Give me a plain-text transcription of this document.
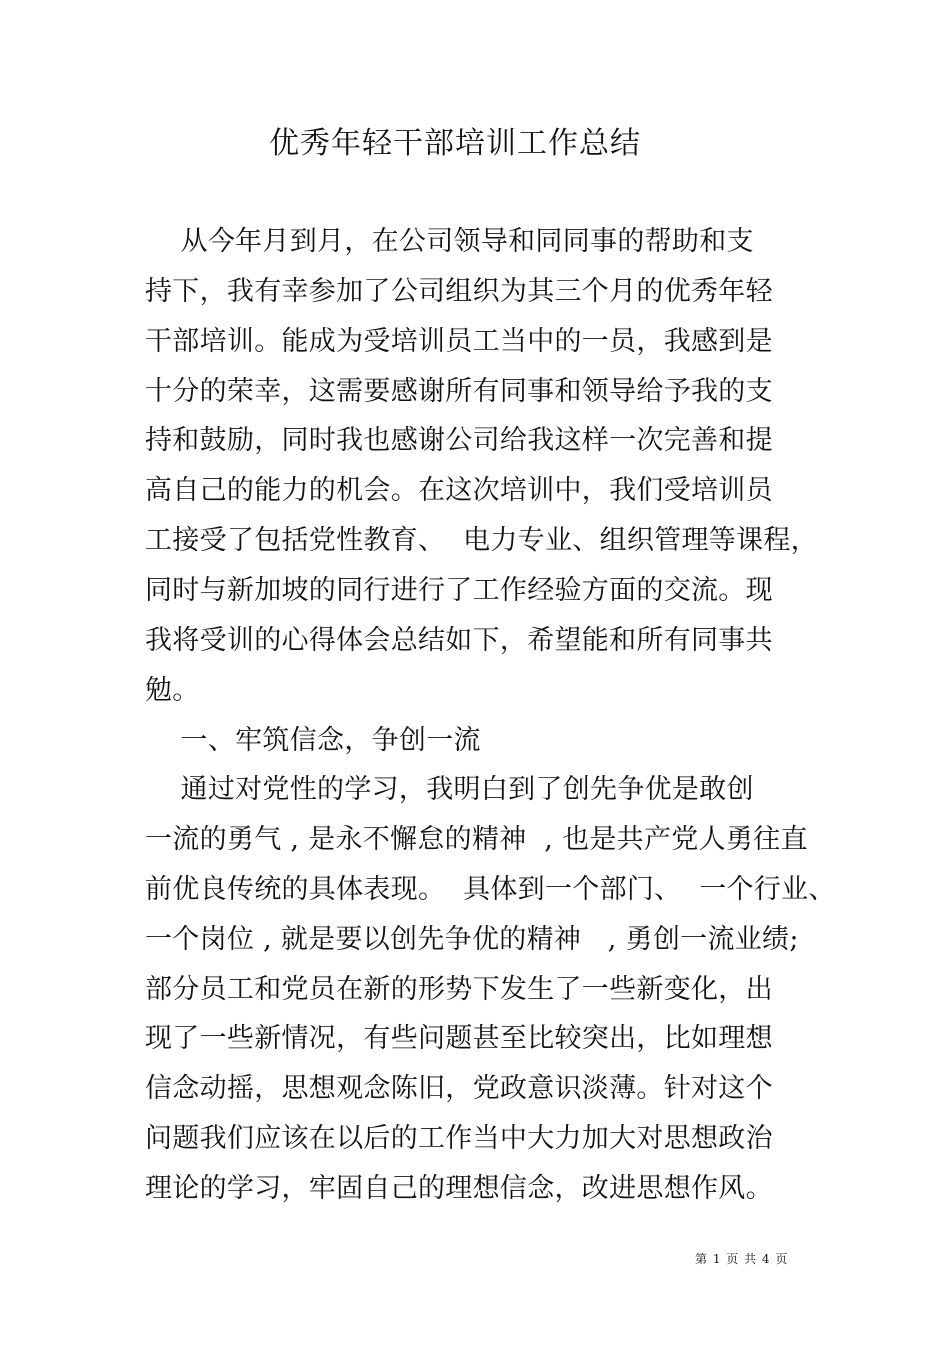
优秀年轻干部培训工作总结
从今年月到月，在公司领导和同同事的帮助和支
持下，我有幸参加了公司组织为其三个月的优秀年轻
干部培训。能成为受培训员工当中的一员，我感到是
十分的荣幸，这需要感谢所有同事和领导给予我的支
持和鼓励，同时我也感谢公司给我这样一次完善和提
高自己的能力的机会。在这次培训中，我们受培训员
工接受了包括党性教育、  电力专业、组织管理等课程，
同时与新加坡的同行进行了工作经验方面的交流。现
我将受训的心得体会总结如下，希望能和所有同事共
勉。
一、牢筑信念，争创一流
通过对党性的学习，我明白到了创先争优是敢创
一流的勇气 , 是永不懈怠的精神  , 也是共产党人勇往直
前优良传统的具体表现。  具体到一个部门、  一个行业、
一个岗位 , 就是要以创先争优的精神   , 勇创一流业绩;
部分员工和党员在新的形势下发生了一些新变化，出
现了一些新情况，有些问题甚至比较突出，比如理想
信念动摇，思想观念陈旧，党政意识淡薄。针对这个
问题我们应该在以后的工作当中大力加大对思想政治
理论的学习，牢固自己的理想信念，改进思想作风。
第 1 页 共 4 页
